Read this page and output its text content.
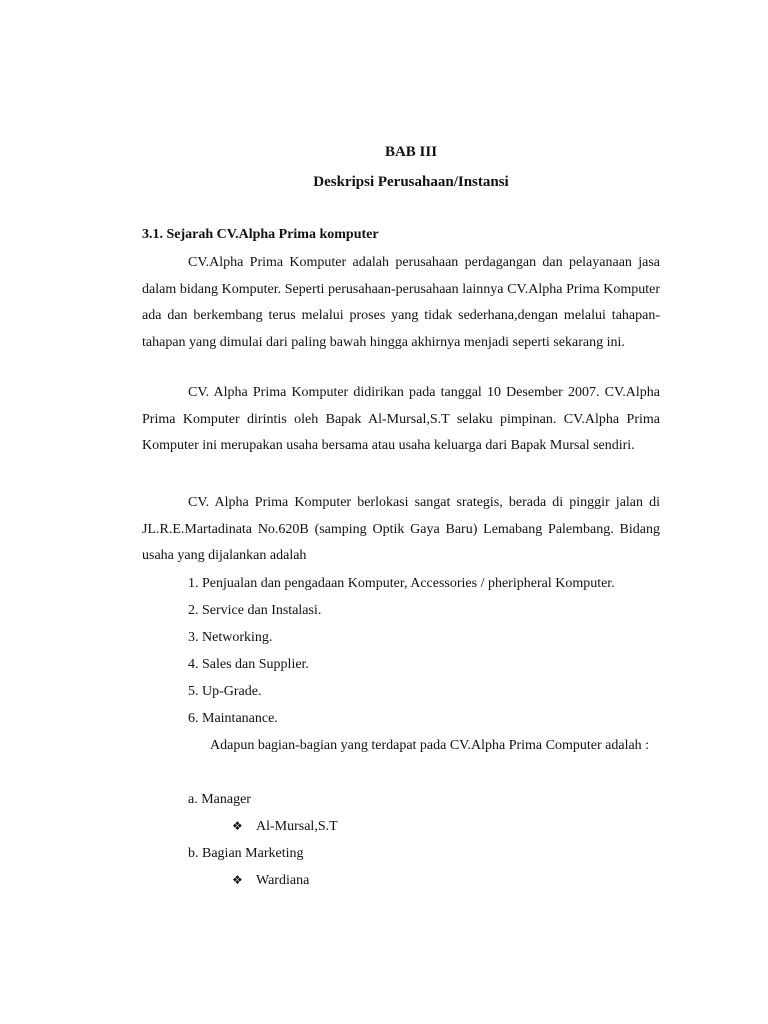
BAB III
Deskripsi Perusahaan/Instansi
3.1. Sejarah CV.Alpha Prima komputer

CV.Alpha Prima Komputer adalah perusahaan perdagangan dan pelayanaan jasa dalam bidang Komputer. Seperti perusahaan-perusahaan lainnya CV.Alpha Prima Komputer ada dan berkembang terus melalui proses yang tidak sederhana,dengan melalui tahapan-tahapan yang dimulai dari paling bawah hingga akhirnya menjadi seperti sekarang ini.

CV. Alpha Prima Komputer didirikan pada tanggal 10 Desember 2007. CV.Alpha Prima Komputer dirintis oleh Bapak Al-Mursal,S.T selaku pimpinan. CV.Alpha Prima Komputer ini merupakan usaha bersama atau usaha keluarga dari Bapak Mursal sendiri.

CV. Alpha Prima Komputer berlokasi sangat srategis, berada di pinggir jalan di JL.R.E.Martadinata No.620B (samping Optik Gaya Baru) Lemabang Palembang. Bidang usaha yang dijalankan adalah

1. Penjualan dan pengadaan Komputer, Accessories / pheripheral Komputer.
2. Service dan Instalasi.
3. Networking.
4. Sales dan Supplier.
5. Up-Grade.
6. Maintanance.

Adapun bagian-bagian yang terdapat pada CV.Alpha Prima Computer adalah :

a. Manager
❖ Al-Mursal,S.T
b. Bagian Marketing
❖ Wardiana
